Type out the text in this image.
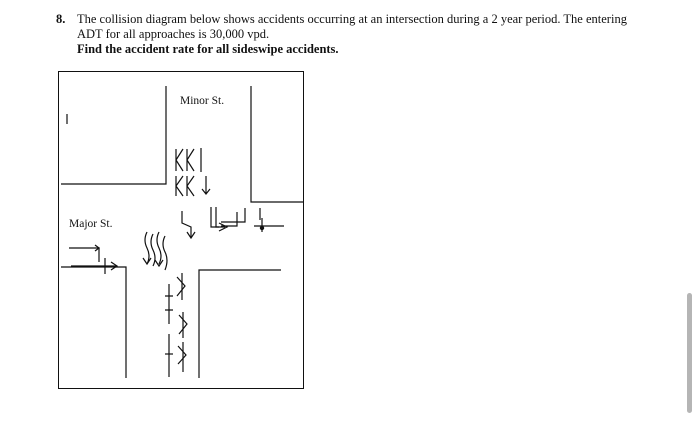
8. The collision diagram below shows accidents occurring at an intersection during a 2 year period. The entering
ADT for all approaches is 30,000 vpd.
Find the accident rate for all sideswipe accidents.
Minor St.
Major St.
